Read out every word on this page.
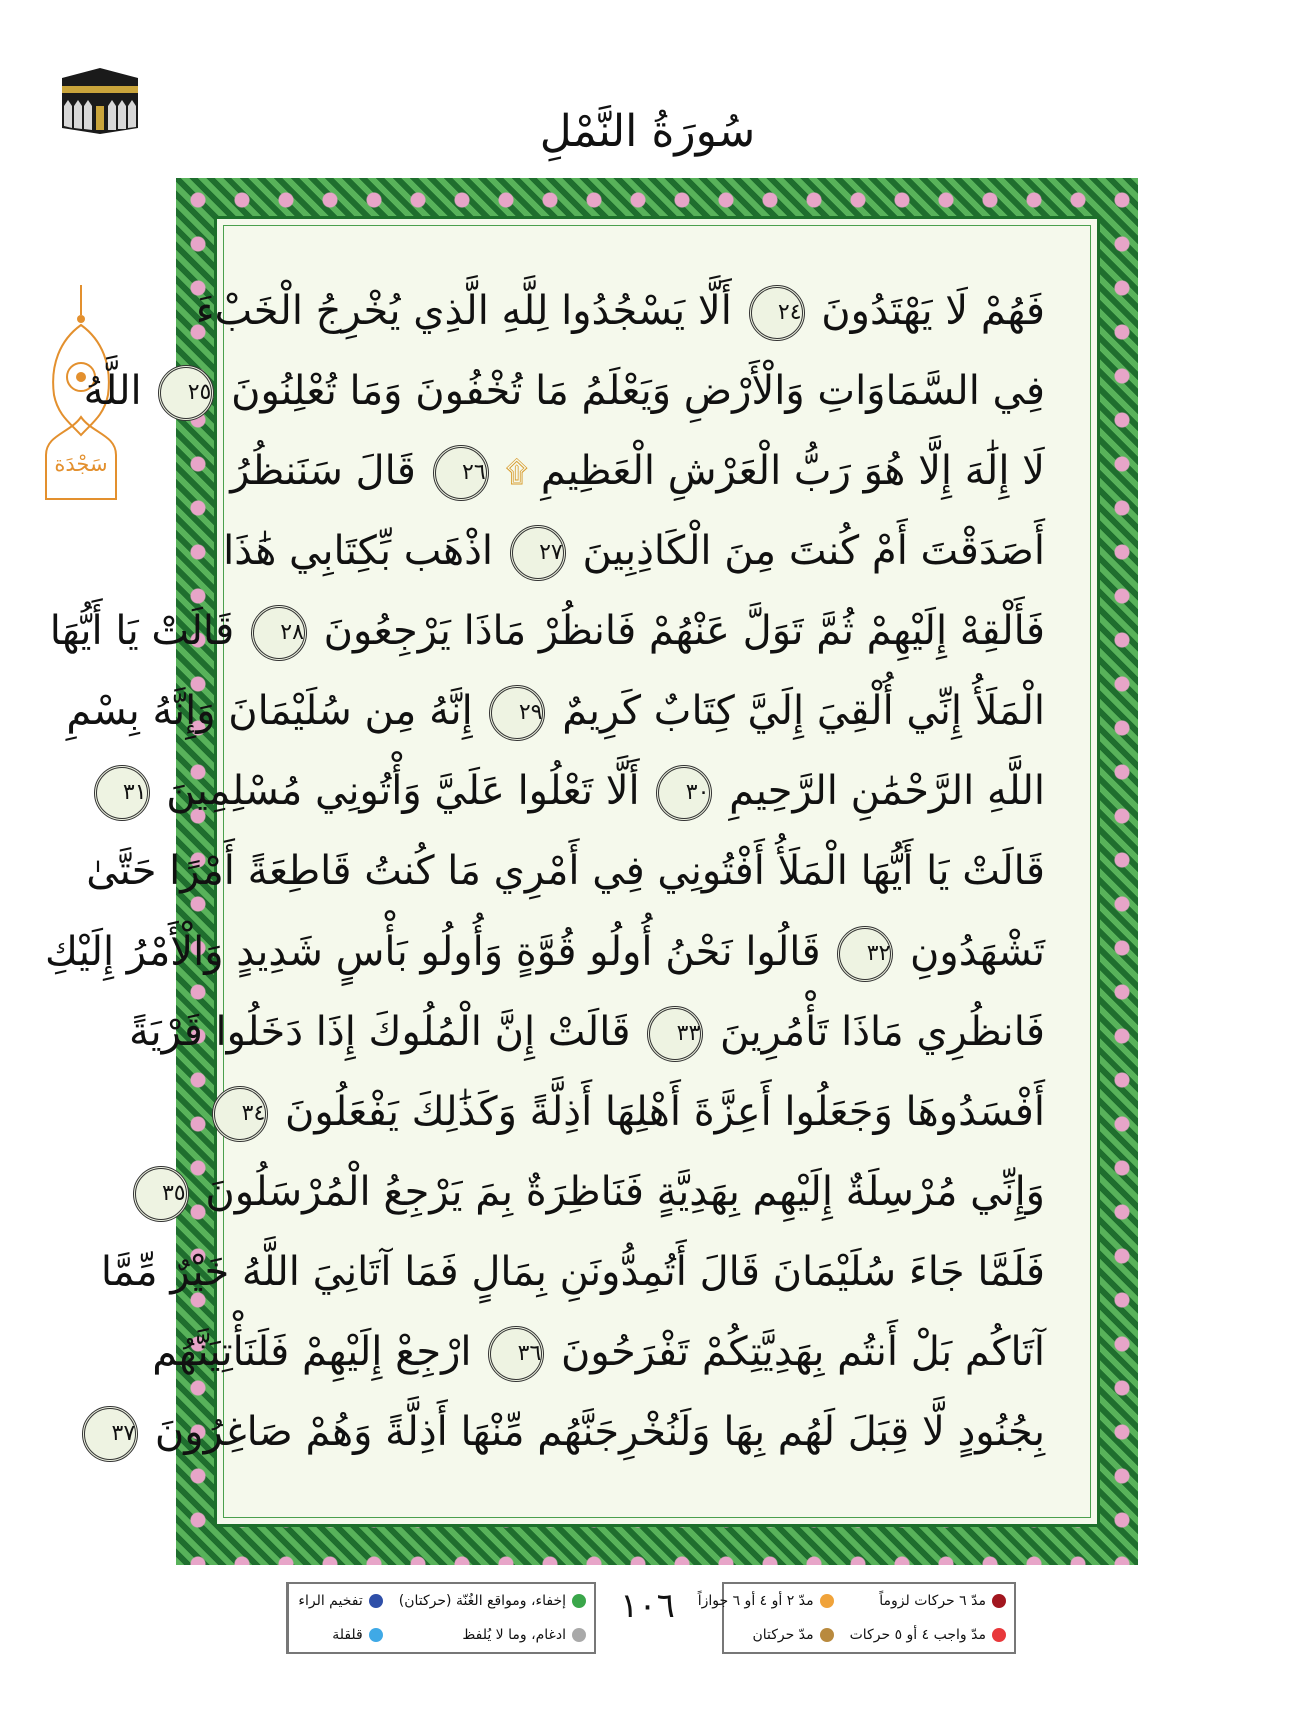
سُورَةُ النَّمْلِ
سَجْدَة
فَهُمْ لَا يَهْتَدُونَ ٢٤ أَلَّا يَسْجُدُوا لِلَّهِ الَّذِي يُخْرِجُ الْخَبْءَ
فِي السَّمَاوَاتِ وَالْأَرْضِ وَيَعْلَمُ مَا تُخْفُونَ وَمَا تُعْلِنُونَ ٢٥ اللَّهُ
لَا إِلَٰهَ إِلَّا هُوَ رَبُّ الْعَرْشِ الْعَظِيمِ ۩ ٢٦ قَالَ سَنَنظُرُ
أَصَدَقْتَ أَمْ كُنتَ مِنَ الْكَاذِبِينَ ٢٧ اذْهَب بِّكِتَابِي هَٰذَا
فَأَلْقِهْ إِلَيْهِمْ ثُمَّ تَوَلَّ عَنْهُمْ فَانظُرْ مَاذَا يَرْجِعُونَ ٢٨ قَالَتْ يَا أَيُّهَا
الْمَلَأُ إِنِّي أُلْقِيَ إِلَيَّ كِتَابٌ كَرِيمٌ ٢٩ إِنَّهُ مِن سُلَيْمَانَ وَإِنَّهُ بِسْمِ
اللَّهِ الرَّحْمَٰنِ الرَّحِيمِ ٣٠ أَلَّا تَعْلُوا عَلَيَّ وَأْتُونِي مُسْلِمِينَ ٣١
قَالَتْ يَا أَيُّهَا الْمَلَأُ أَفْتُونِي فِي أَمْرِي مَا كُنتُ قَاطِعَةً أَمْرًا حَتَّىٰ
تَشْهَدُونِ ٣٢ قَالُوا نَحْنُ أُولُو قُوَّةٍ وَأُولُو بَأْسٍ شَدِيدٍ وَالْأَمْرُ إِلَيْكِ
فَانظُرِي مَاذَا تَأْمُرِينَ ٣٣ قَالَتْ إِنَّ الْمُلُوكَ إِذَا دَخَلُوا قَرْيَةً
أَفْسَدُوهَا وَجَعَلُوا أَعِزَّةَ أَهْلِهَا أَذِلَّةً وَكَذَٰلِكَ يَفْعَلُونَ ٣٤
وَإِنِّي مُرْسِلَةٌ إِلَيْهِم بِهَدِيَّةٍ فَنَاظِرَةٌ بِمَ يَرْجِعُ الْمُرْسَلُونَ ٣٥
فَلَمَّا جَاءَ سُلَيْمَانَ قَالَ أَتُمِدُّونَنِ بِمَالٍ فَمَا آتَانِيَ اللَّهُ خَيْرٌ مِّمَّا
آتَاكُم بَلْ أَنتُم بِهَدِيَّتِكُمْ تَفْرَحُونَ ٣٦ ارْجِعْ إِلَيْهِمْ فَلَنَأْتِيَنَّهُم
بِجُنُودٍ لَّا قِبَلَ لَهُم بِهَا وَلَنُخْرِجَنَّهُم مِّنْهَا أَذِلَّةً وَهُمْ صَاغِرُونَ ٣٧
١٠٦	مدّ ٦ حركات لزوماً
مدّ ٢ أو ٤ أو ٦ جوازاً
مدّ واجب ٤ أو ٥ حركات
مدّ حركتان
إخفاء، ومواقع الغُنّة (حركتان)
تفخيم الراء
ادغام، وما لا يُلفظ
قلقلة
